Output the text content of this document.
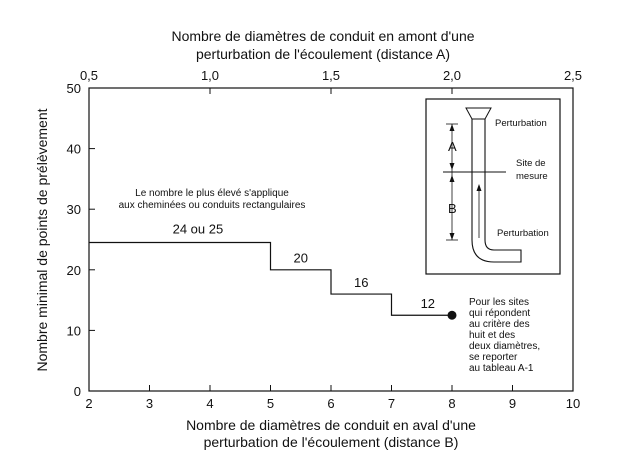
2	3	4	5	6	7	8	9	10
0,5	1,0	1,5	2,0	2,5
0
10
20
30
40
50
Nombre de diamètres de conduit en amont d'une
perturbation de l'écoulement (distance A)
Nombre de diamètres de conduit en aval d'une
perturbation de l'écoulement (distance B)
Nombre minimal de points de prélèvement	24 ou 25
20
16
12
Le nombre le plus élevé s'applique
aux cheminées ou conduits rectangulaires
Pour les sites
qui répondent
au critère des
huit et des
deux diamètres,
se reporter
au tableau A-1
Perturbation
Site de
mesure
Perturbation
A
B
